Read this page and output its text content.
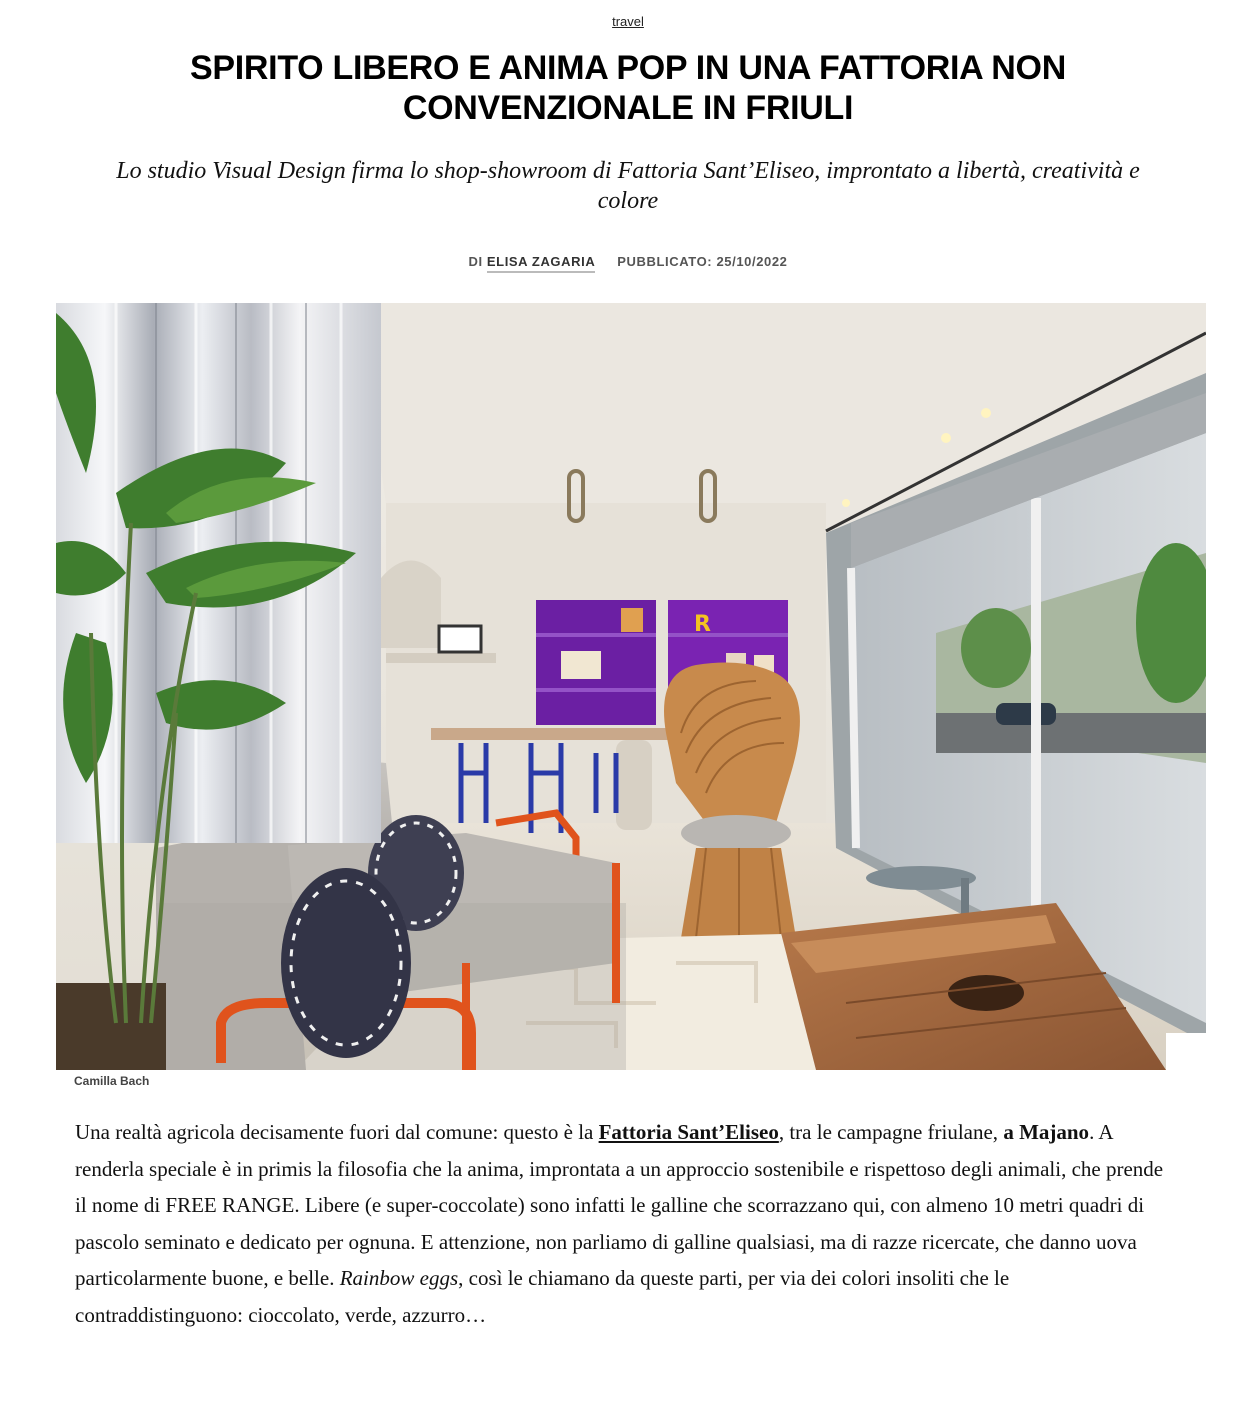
travel
SPIRITO LIBERO E ANIMA POP IN UNA FATTORIA NON CONVENZIONALE IN FRIULI

Lo studio Visual Design firma lo shop-showroom di Fattoria Sant’Eliseo, improntato a libertà, creatività e colore

DI ELISA ZAGARIA PUBBLICATO: 25/10/2022
R
Camilla Bach

Una realtà agricola decisamente fuori dal comune: questo è la Fattoria Sant’Eliseo, tra le campagne friulane, a Majano. A renderla speciale è in primis la filosofia che la anima, improntata a un approccio sostenibile e rispettoso degli animali, che prende il nome di FREE RANGE. Libere (e super-coccolate) sono infatti le galline che scorrazzano qui, con almeno 10 metri quadri di pascolo seminato e dedicato per ognuna. E attenzione, non parliamo di galline qualsiasi, ma di razze ricercate, che danno uova particolarmente buone, e belle. Rainbow eggs, così le chiamano da queste parti, per via dei colori insoliti che le contraddistinguono: cioccolato, verde, azzurro…
